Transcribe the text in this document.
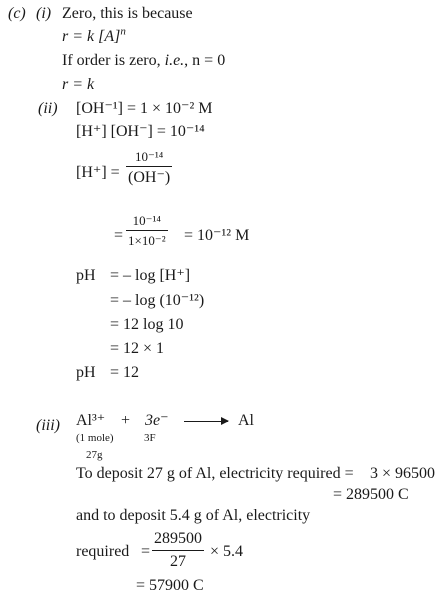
(c) (i) Zero, this is because
r = k $[A]^n$
If order is zero, i.e., n = 0
r = k
(ii) [OH⁻¹] = 1 × 10⁻² M
[H⁺] [OH⁻] = 10⁻¹⁴
[H⁺] =
10⁻¹⁴
(OH⁻)
=
10⁻¹⁴
1×10⁻² = 10⁻¹² M
pH = – log [H⁺]
= – log (10⁻¹²)
= 12 log 10
= 12 × 1
pH = 12
(iii) Al³⁺ + 3e⁻	Al
(1 mole)	3F
27g
To deposit 27 g of Al, electricity required = 3 × 96500
= 289500 C
and to deposit 5.4 g of Al, electricity
required =
289500
27
× 5.4
= 57900 C
